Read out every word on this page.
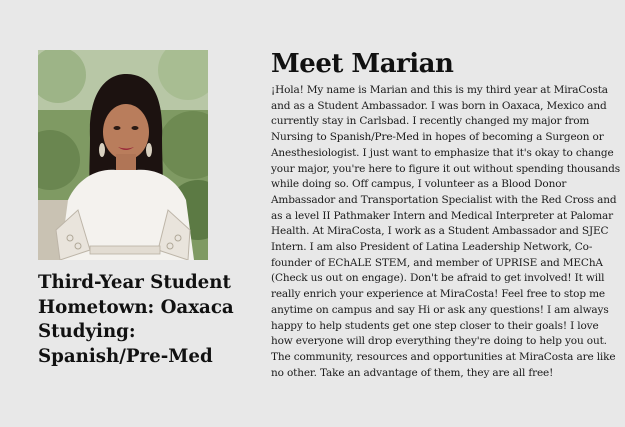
Third-Year Student
Hometown: Oaxaca
Studying: Spanish/Pre-Med
Meet Marian

¡Hola! My name is Marian and this is my third year at MiraCosta and as a Student Ambassador. I was born in Oaxaca, Mexico and currently stay in Carlsbad. I recently changed my major from Nursing to Spanish/Pre-Med in hopes of becoming a Surgeon or Anesthesiologist. I just want to emphasize that it's okay to change your major, you're here to figure it out without spending thousands while doing so. Off campus, I volunteer as a Blood Donor Ambassador and Transportation Specialist with the Red Cross and as a level II Pathmaker Intern and Medical Interpreter at Palomar Health. At MiraCosta, I work as a Student Ambassador and SJEC Intern. I am also President of Latina Leadership Network, Co-founder of EChALE STEM, and member of UPRISE and MEChA (Check us out on engage). Don't be afraid to get involved! It will really enrich your experience at MiraCosta! Feel free to stop me anytime on campus and say Hi or ask any questions! I am always happy to help students get one step closer to their goals! I love how everyone will drop everything they're doing to help you out. The community, resources and opportunities at MiraCosta are like no other. Take an advantage of them, they are all free!
